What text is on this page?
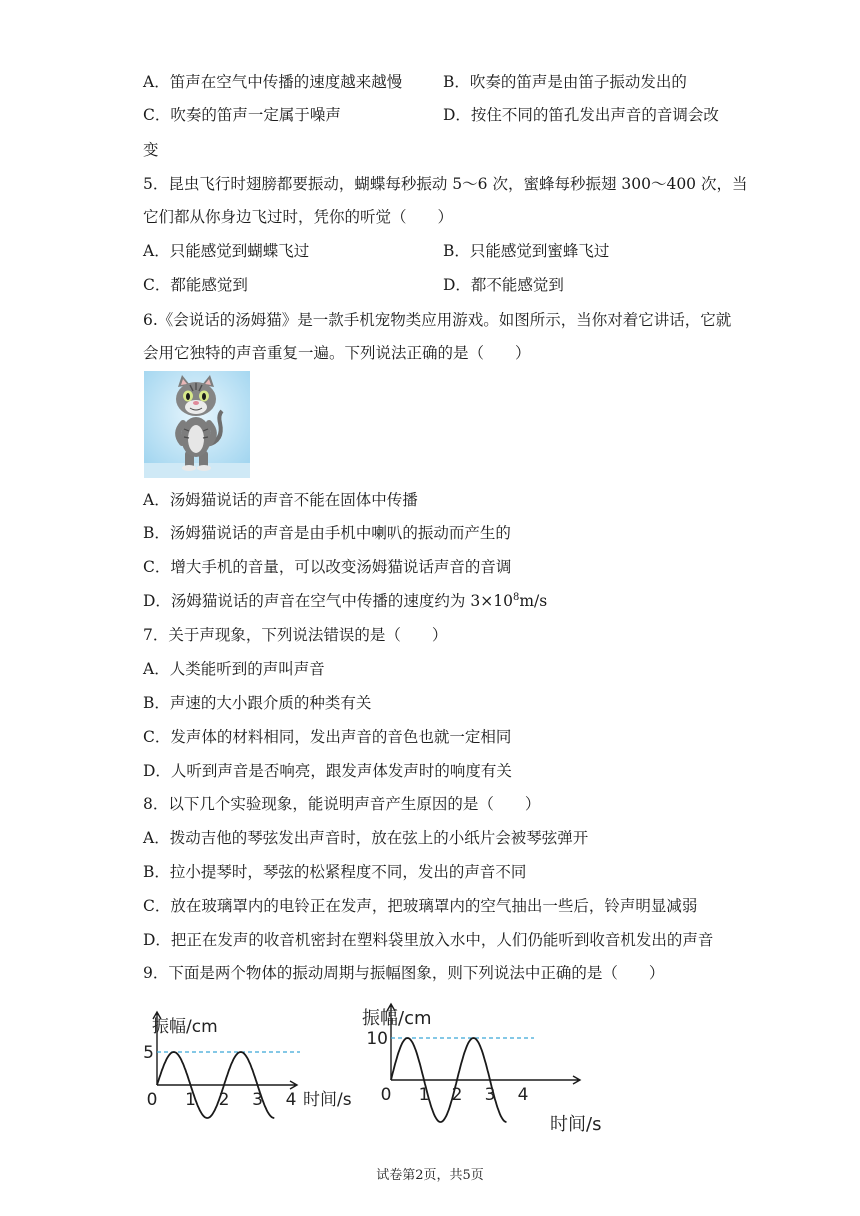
A．笛声在空气中传播的速度越来越慢	B．吹奏的笛声是由笛子振动发出的
C．吹奏的笛声一定属于噪声	D．按住不同的笛孔发出声音的音调会改
变
5．昆虫飞行时翅膀都要振动，蝴蝶每秒振动 5～6 次，蜜蜂每秒振翅 300～400 次，当
它们都从你身边飞过时，凭你的听觉（　　）
A．只能感觉到蝴蝶飞过	B．只能感觉到蜜蜂飞过
C．都能感觉到	D．都不能感觉到
6.《会说话的汤姆猫》是一款手机宠物类应用游戏。如图所示，当你对着它讲话，它就
会用它独特的声音重复一遍。下列说法正确的是（　　）
A．汤姆猫说话的声音不能在固体中传播
B．汤姆猫说话的声音是由手机中喇叭的振动而产生的
C．增大手机的音量，可以改变汤姆猫说话声音的音调
D．汤姆猫说话的声音在空气中传播的速度约为 $3\times 10^8m/s$
7．关于声现象，下列说法错误的是（　　）
A．人类能听到的声叫声音
B．声速的大小跟介质的种类有关
C．发声体的材料相同，发出声音的音色也就一定相同
D．人听到声音是否响亮，跟发声体发声时的响度有关
8．以下几个实验现象，能说明声音产生原因的是（　　）
A．拨动吉他的琴弦发出声音时，放在弦上的小纸片会被琴弦弹开
B．拉小提琴时，琴弦的松紧程度不同，发出的声音不同
C．放在玻璃罩内的电铃正在发声，把玻璃罩内的空气抽出一些后，铃声明显减弱
D．把正在发声的收音机密封在塑料袋里放入水中，人们仍能听到收音机发出的声音
9．下面是两个物体的振动周期与振幅图象，则下列说法中正确的是（　　）
0 1 2 3 4
5
振幅/cm
时间/s 0 1 2 3 4
10
振幅/cm
时间/s
试卷第2页，共5页
